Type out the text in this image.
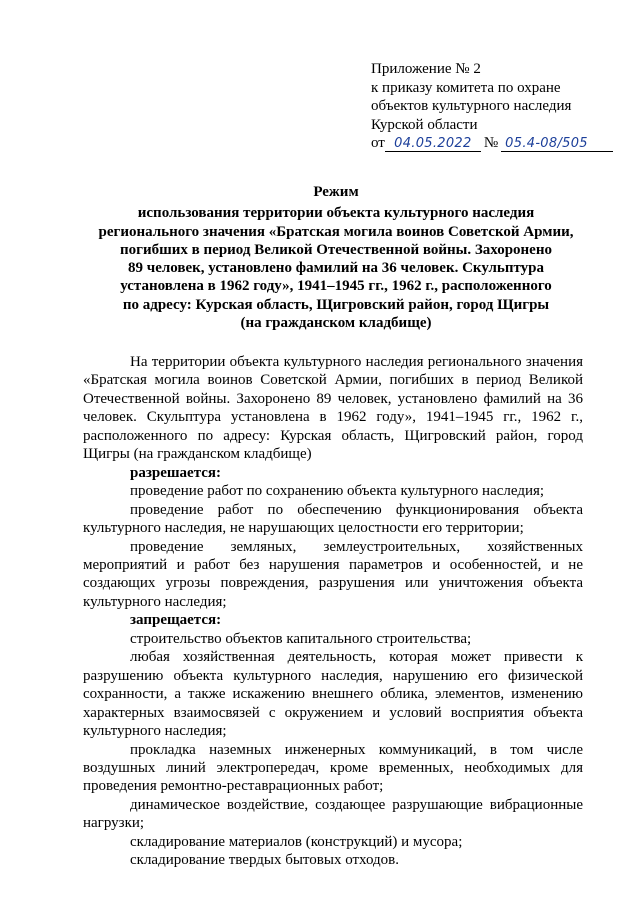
Приложение № 2
к приказу комитета по охране
объектов культурного наследия
Курской области
от 04.05.2022 № 05.4-08/505
Режим
использования территории объекта культурного наследия
регионального значения «Братская могила воинов Советской Армии,
погибших в период Великой Отечественной войны. Захоронено
89 человек, установлено фамилий на 36 человек. Скульптура
установлена в 1962 году», 1941–1945 гг., 1962 г., расположенного
по адресу: Курская область, Щигровский район, город Щигры
(на гражданском кладбище)

На территории объекта культурного наследия регионального значения «Братская могила воинов Советской Армии, погибших в период Великой Отечественной войны. Захоронено 89 человек, установлено фамилий на 36 человек. Скульптура установлена в 1962 году», 1941–1945 гг., 1962 г., расположенного по адресу: Курская область, Щигровский район, город Щигры (на гражданском кладбище)

разрешается:

проведение работ по сохранению объекта культурного наследия;

проведение работ по обеспечению функционирования объекта культурного наследия, не нарушающих целостности его территории;

проведение земляных, землеустроительных, хозяйственных мероприятий и работ без нарушения параметров и особенностей, и не создающих угрозы повреждения, разрушения или уничтожения объекта культурного наследия;

запрещается:

строительство объектов капитального строительства;

любая хозяйственная деятельность, которая может привести к разрушению объекта культурного наследия, нарушению его физической сохранности, а также искажению внешнего облика, элементов, изменению характерных взаимосвязей с окружением и условий восприятия объекта культурного наследия;

прокладка наземных инженерных коммуникаций, в том числе воздушных линий электропередач, кроме временных, необходимых для проведения ремонтно-реставрационных работ;

динамическое воздействие, создающее разрушающие вибрационные нагрузки;

складирование материалов (конструкций) и мусора;

складирование твердых бытовых отходов.
